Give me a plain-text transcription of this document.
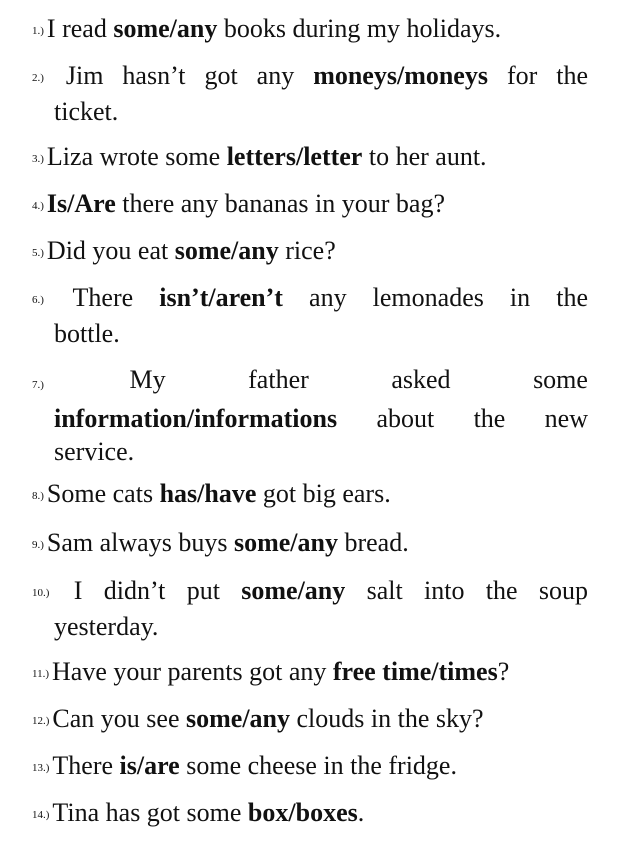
1.) I read some/any books during my holidays.
2.) Jim hasn’t got any moneys/moneys for the
ticket.
3.) Liza wrote some letters/letter to her aunt.
4.) Is/Are there any bananas in your bag?
5.) Did you eat some/any rice?
6.) There isn’t/aren’t any lemonades in the
bottle.
7.)	My	father	asked	some
information/informations about the new
service.
8.) Some cats has/have got big ears.
9.) Sam always buys some/any bread.
10.) I didn’t put some/any salt into the soup
yesterday.
11.) Have your parents got any free time/times?
12.) Can you see some/any clouds in the sky?
13.) There is/are some cheese in the fridge.
14.) Tina has got some box/boxes.
